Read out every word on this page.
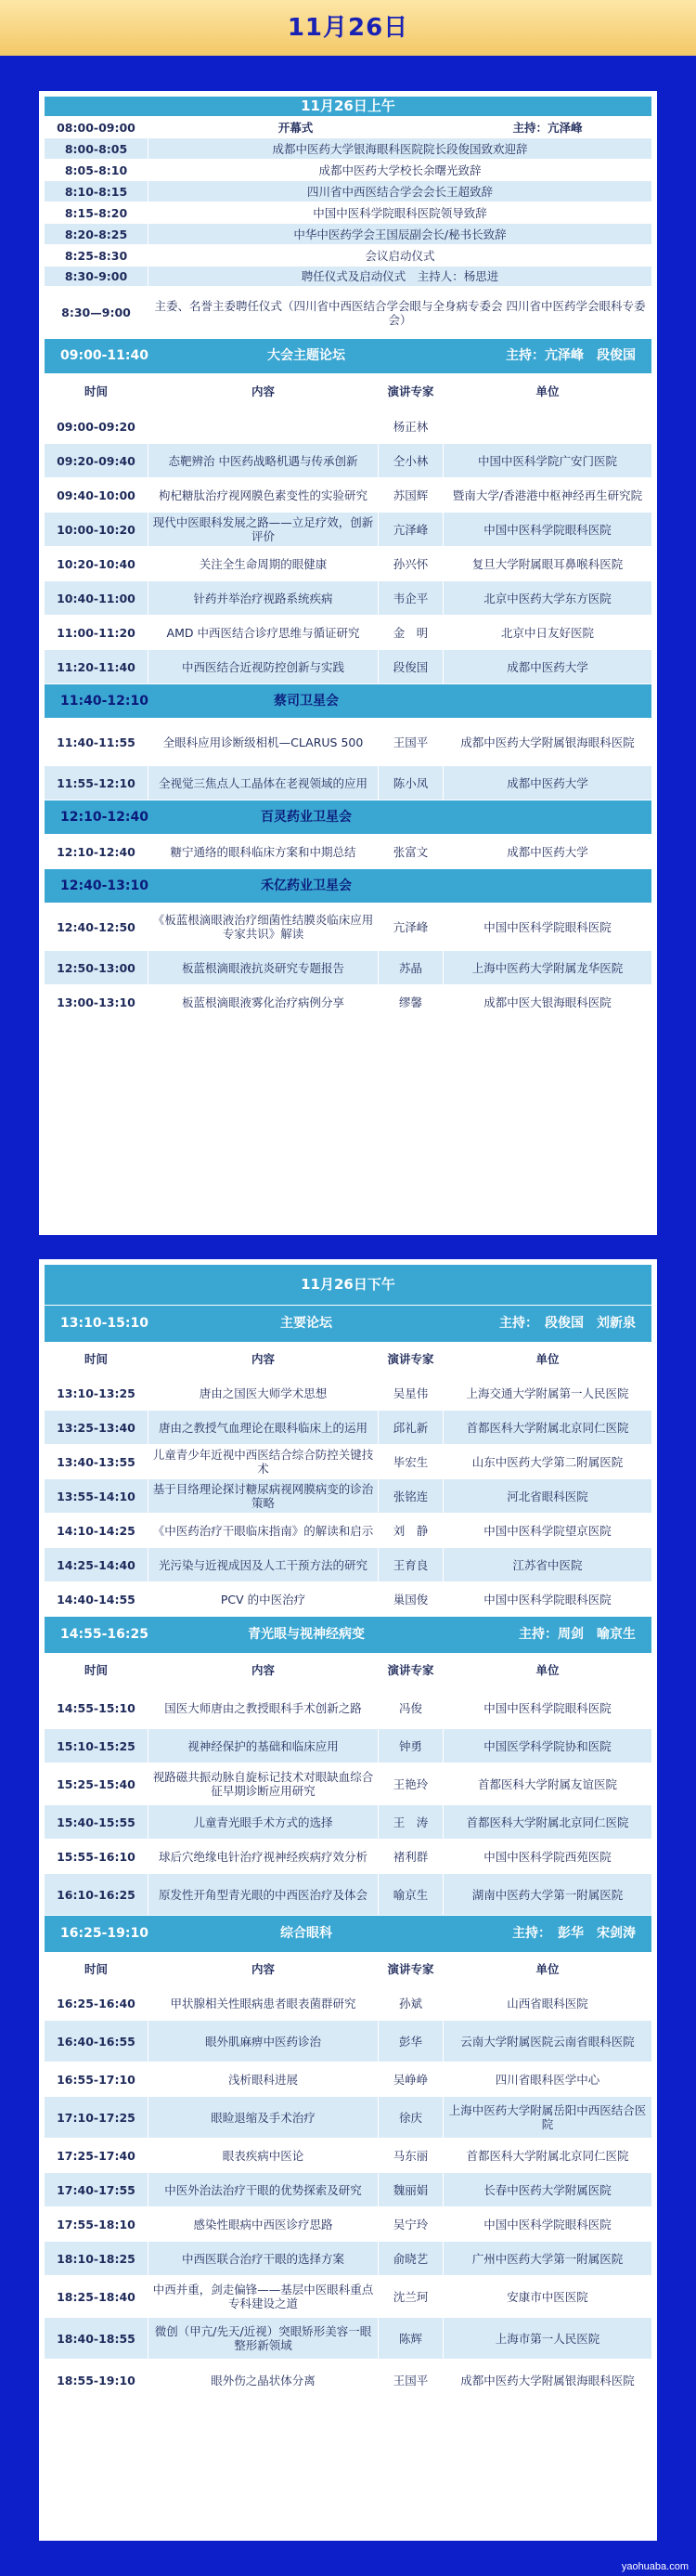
11月26日
11月26日上午			
08:00-09:00	开幕式		主持：亢泽峰
8:00-8:05	成都中医药大学银海眼科医院院长段俊国致欢迎辞		
8:05-8:10	成都中医药大学校长余曙光致辞		
8:10-8:15	四川省中西医结合学会会长王超致辞		
8:15-8:20	中国中医科学院眼科医院领导致辞		
8:20-8:25	中华中医药学会王国辰副会长/秘书长致辞		
8:25-8:30	会议启动仪式		
8:30-9:00	聘任仪式及启动仪式　主持人：杨思进		
8:30—9:00	主委、名誉主委聘任仪式（四川省中西医结合学会眼与全身病专委会 四川省中医药学会眼科专委会）		

09:00-11:40 大会主题论坛 主持：亢泽峰　段俊国			

时间	内容	演讲专家	单位
09:00-09:20		杨正林	
09:20-09:40	态靶辨治 中医药战略机遇与传承创新	仝小林	中国中医科学院广安门医院
09:40-10:00	枸杞糖肽治疗视网膜色素变性的实验研究	苏国辉	暨南大学/香港港中枢神经再生研究院
10:00-10:20	现代中医眼科发展之路——立足疗效，创新评价	亢泽峰	中国中医科学院眼科医院
10:20-10:40	关注全生命周期的眼健康	孙兴怀	复旦大学附属眼耳鼻喉科医院
10:40-11:00	针药并举治疗视路系统疾病	韦企平	北京中医药大学东方医院
11:00-11:20	AMD 中西医结合诊疗思维与循证研究	金　明	北京中日友好医院
11:20-11:40	中西医结合近视防控创新与实践	段俊国	成都中医药大学

11:40-12:10 蔡司卫星会			

11:40-11:55	全眼科应用诊断级相机—CLARUS 500	王国平	成都中医药大学附属银海眼科医院
11:55-12:10	全视觉三焦点人工晶体在老视领域的应用	陈小凤	成都中医药大学

12:10-12:40 百灵药业卫星会			

12:10-12:40	糖宁通络的眼科临床方案和中期总结	张富文	成都中医药大学

12:40-13:10 禾亿药业卫星会			

12:40-12:50	《板蓝根滴眼液治疗细菌性结膜炎临床应用专家共识》解读	亢泽峰	中国中医科学院眼科医院
12:50-13:00	板蓝根滴眼液抗炎研究专题报告	苏晶	上海中医药大学附属龙华医院
13:00-13:10	板蓝根滴眼液雾化治疗病例分享	缪馨	成都中医大银海眼科医院
11月26日下午			

13:10-15:10 主要论坛 主持：　段俊国　刘新泉			

时间	内容	演讲专家	单位
13:10-13:25	唐由之国医大师学术思想	吴星伟	上海交通大学附属第一人民医院
13:25-13:40	唐由之教授气血理论在眼科临床上的运用	邱礼新	首都医科大学附属北京同仁医院
13:40-13:55	儿童青少年近视中西医结合综合防控关键技术	毕宏生	山东中医药大学第二附属医院
13:55-14:10	基于目络理论探讨糖尿病视网膜病变的诊治策略	张铭连	河北省眼科医院
14:10-14:25	《中医药治疗干眼临床指南》的解读和启示	刘　静	中国中医科学院望京医院
14:25-14:40	光污染与近视成因及人工干预方法的研究	王育良	江苏省中医院
14:40-14:55	PCV 的中医治疗	巢国俊	中国中医科学院眼科医院

14:55-16:25 青光眼与视神经病变 主持：周剑　喻京生			

时间	内容	演讲专家	单位
14:55-15:10	国医大师唐由之教授眼科手术创新之路	冯俊	中国中医科学院眼科医院
15:10-15:25	视神经保护的基础和临床应用	钟勇	中国医学科学院协和医院
15:25-15:40	视路磁共振动脉自旋标记技术对眼缺血综合征早期诊断应用研究	王艳玲	首都医科大学附属友谊医院
15:40-15:55	儿童青光眼手术方式的选择	王　涛	首都医科大学附属北京同仁医院
15:55-16:10	球后穴绝缘电针治疗视神经疾病疗效分析	褚利群	中国中医科学院西苑医院
16:10-16:25	原发性开角型青光眼的中西医治疗及体会	喻京生	湖南中医药大学第一附属医院

16:25-19:10 综合眼科 主持：　彭华　宋剑涛			

时间	内容	演讲专家	单位
16:25-16:40	甲状腺相关性眼病患者眼表菌群研究	孙斌	山西省眼科医院
16:40-16:55	眼外肌麻痹中医药诊治	彭华	云南大学附属医院云南省眼科医院
16:55-17:10	浅析眼科进展	吴峥峥	四川省眼科医学中心
17:10-17:25	眼睑退缩及手术治疗	徐庆	上海中医药大学附属岳阳中西医结合医院
17:25-17:40	眼表疾病中医论	马东丽	首都医科大学附属北京同仁医院
17:40-17:55	中医外治法治疗干眼的优势探索及研究	魏丽娟	长春中医药大学附属医院
17:55-18:10	感染性眼病中西医诊疗思路	吴宁玲	中国中医科学院眼科医院
18:10-18:25	中西医联合治疗干眼的选择方案	俞晓艺	广州中医药大学第一附属医院
18:25-18:40	中西并重，剑走偏锋——基层中医眼科重点专科建设之道	沈兰珂	安康市中医医院
18:40-18:55	微创（甲亢/先天/近视）突眼矫形美容一眼整形新领域	陈辉	上海市第一人民医院
18:55-19:10	眼外伤之晶状体分离	王国平	成都中医药大学附属银海眼科医院
yaohuaba.com
